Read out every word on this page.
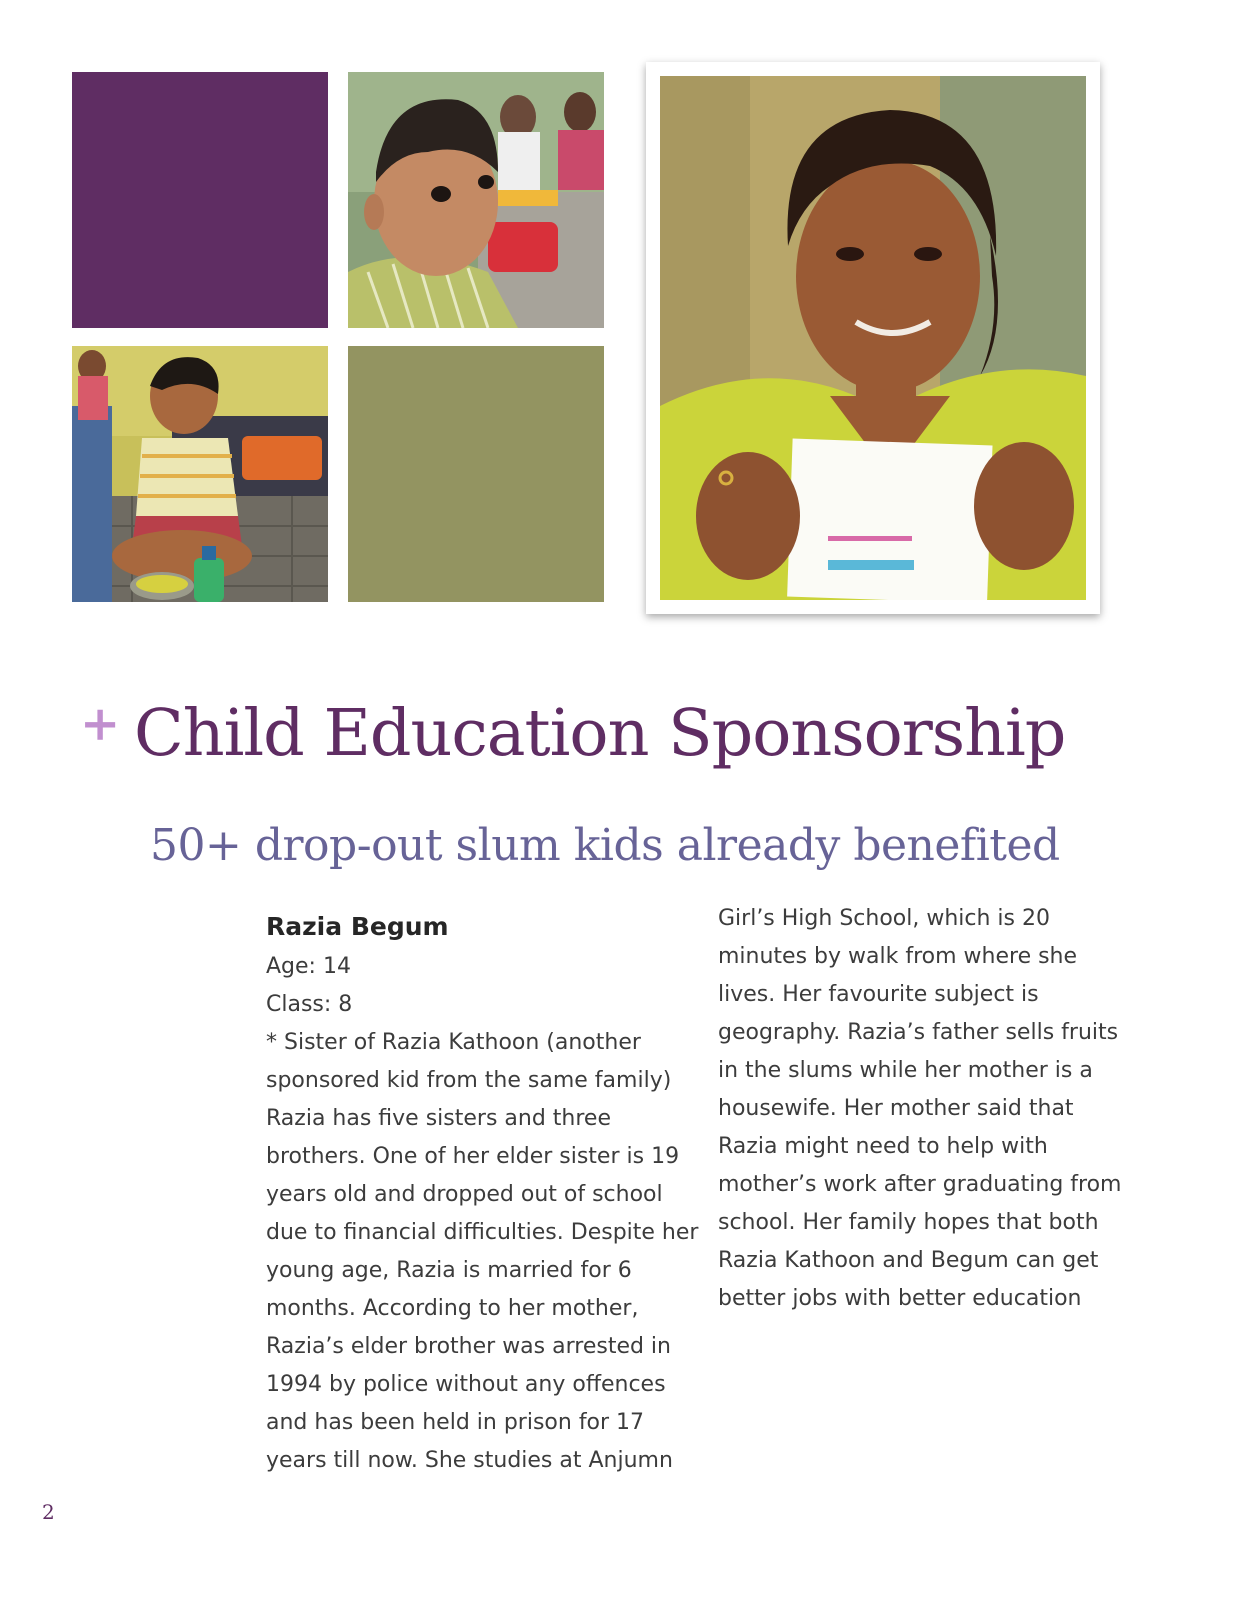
+ Child Education Sponsorship
50+ drop-out slum kids already benefited

Razia Begum

Age: 14

Class: 8

* Sister of Razia Kathoon (another sponsored kid from the same family)

Razia has five sisters and three brothers. One of her elder sister is 19 years old and dropped out of school due to financial difficulties. Despite her young age, Razia is married for 6 months. According to her mother, Razia’s elder brother was arrested in 1994 by police without any offences and has been held in prison for 17 years till now. She studies at Anjumn

Girl’s High School, which is 20 minutes by walk from where she lives. Her favourite subject is geography. Razia’s father sells fruits in the slums while her mother is a housewife. Her mother said that Razia might need to help with mother’s work after graduating from school. Her family hopes that both Razia Kathoon and Begum can get better jobs with better education

2
